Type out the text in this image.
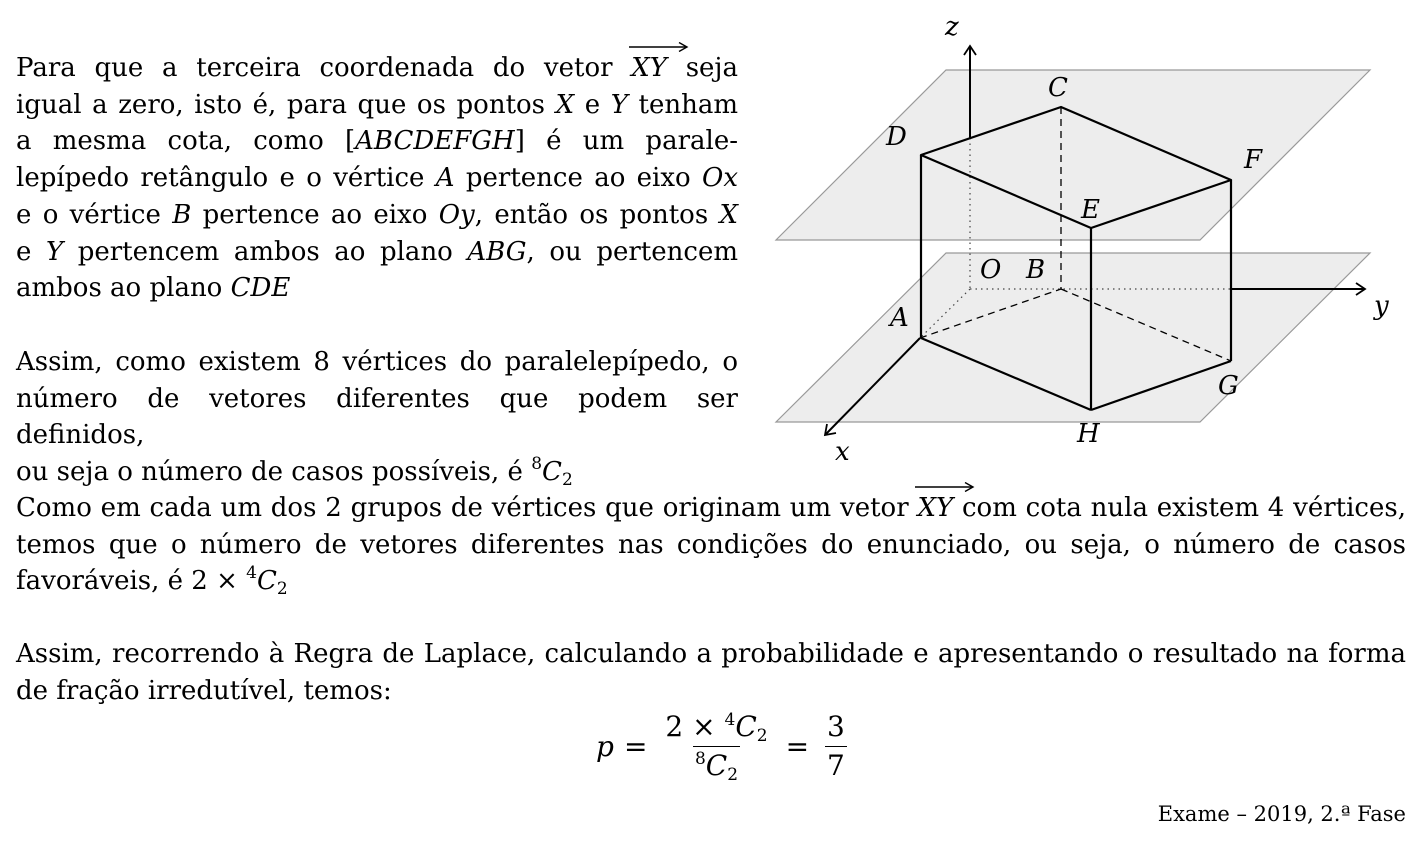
Para que a terceira coordenada do vetor
XY seja
igual a zero, isto é, para que os pontos X e Y tenham
a mesma cota, como [ABCDEFGH] é um parale-
lepípedo retângulo e o vértice A pertence ao eixo Ox
e o vértice B pertence ao eixo Oy, então os pontos X
e Y pertencem ambos ao plano ABG, ou pertencem
ambos ao plano CDE
Assim, como existem 8 vértices do paralelepípedo, o
número de vetores diferentes que podem ser definidos,
ou seja o número de casos possíveis, é $^8C_2$
Como em cada um dos 2 grupos de vértices que originam um vetor
XY com cota nula existem 4 vértices,
temos que o número de vetores diferentes nas condições do enunciado, ou seja, o número de casos
favoráveis, é $2 \times ^4C_2$
Assim, recorrendo à Regra de Laplace, calculando a probabilidade e apresentando o resultado na forma
de fração irredutível, temos:
$p = \frac{2 \times ^4C_2}{^8C_2} = \frac{3}{7}$
Exame – 2019, 2.ª Fase
z
y
x
C
D
F
E
O B
A
G
H
